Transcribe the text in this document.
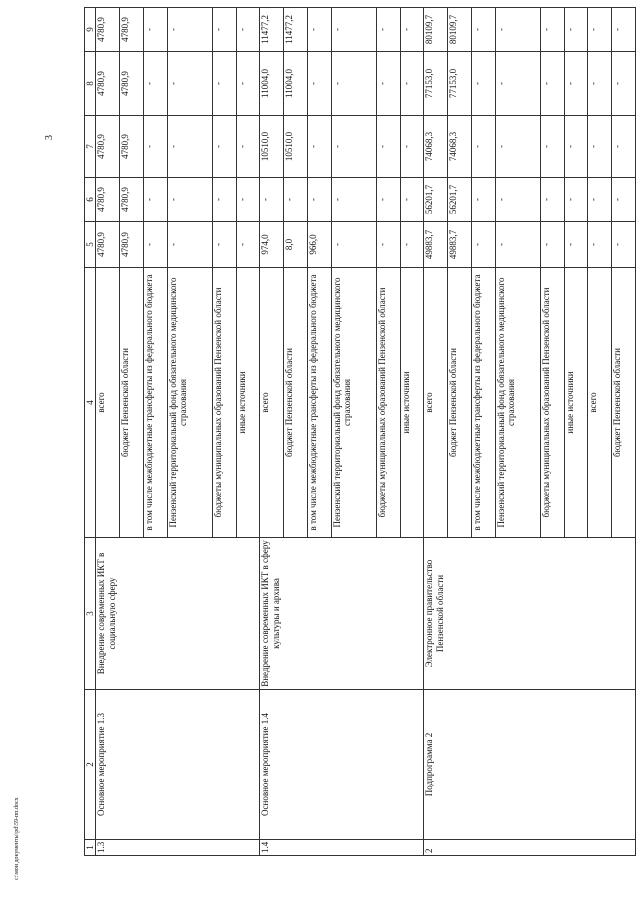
3
1	2	3	4	5	6	7	8	9
1.3	Основное мероприятие 1.3	Внедрение современных ИКТ в социальную сферу	всего	4780,9	4780,9	4780,9	4780,9	4780,9
			бюджет Пензенской области	4780,9	4780,9	4780,9	4780,9	4780,9
			в том числе межбюджетные трансферты из федерального бюджета	-	-	-	-	-
			Пензенский территориальный фонд обязательного медицинского страхования	-	-	-	-	-
			бюджеты муниципальных образований Пензенской области	-	-	-	-	-
			иные источники	-	-	-	-	-
1.4	Основное мероприятие 1.4	Внедрение современных ИКТ в сферу культуры и архива	всего	974,0	-	10510,0	11004,0	11477,2
			бюджет Пензенской области	8,0	-	10510,0	11004,0	11477,2
			в том числе межбюджетные трансферты из федерального бюджета	966,0	-	-	-	-
			Пензенский территориальный фонд обязательного медицинского страхования	-	-	-	-	-
			бюджеты муниципальных образований Пензенской области	-	-	-	-	-
			иные источники	-	-	-	-	-
2	Подпрограмма 2	Электронное правительство Пензенской области	всего	49883,7	56201,7	74068,3	77153,0	80109,7
			бюджет Пензенской области	49883,7	56201,7	74068,3	77153,0	80109,7
			в том числе межбюджетные трансферты из федерального бюджета	-	-	-	-	-
			Пензенский территориальный фонд обязательного медицинского страхования	-	-	-	-	-
			бюджеты муниципальных образований Пензенской области	-	-	-	-	-
			иные источники	-	-	-	-	-
			всего	-	-	-	-	-
			бюджет Пензенской области	-	-	-	-	-
c:\мои документы\pd\59-пп.docx
